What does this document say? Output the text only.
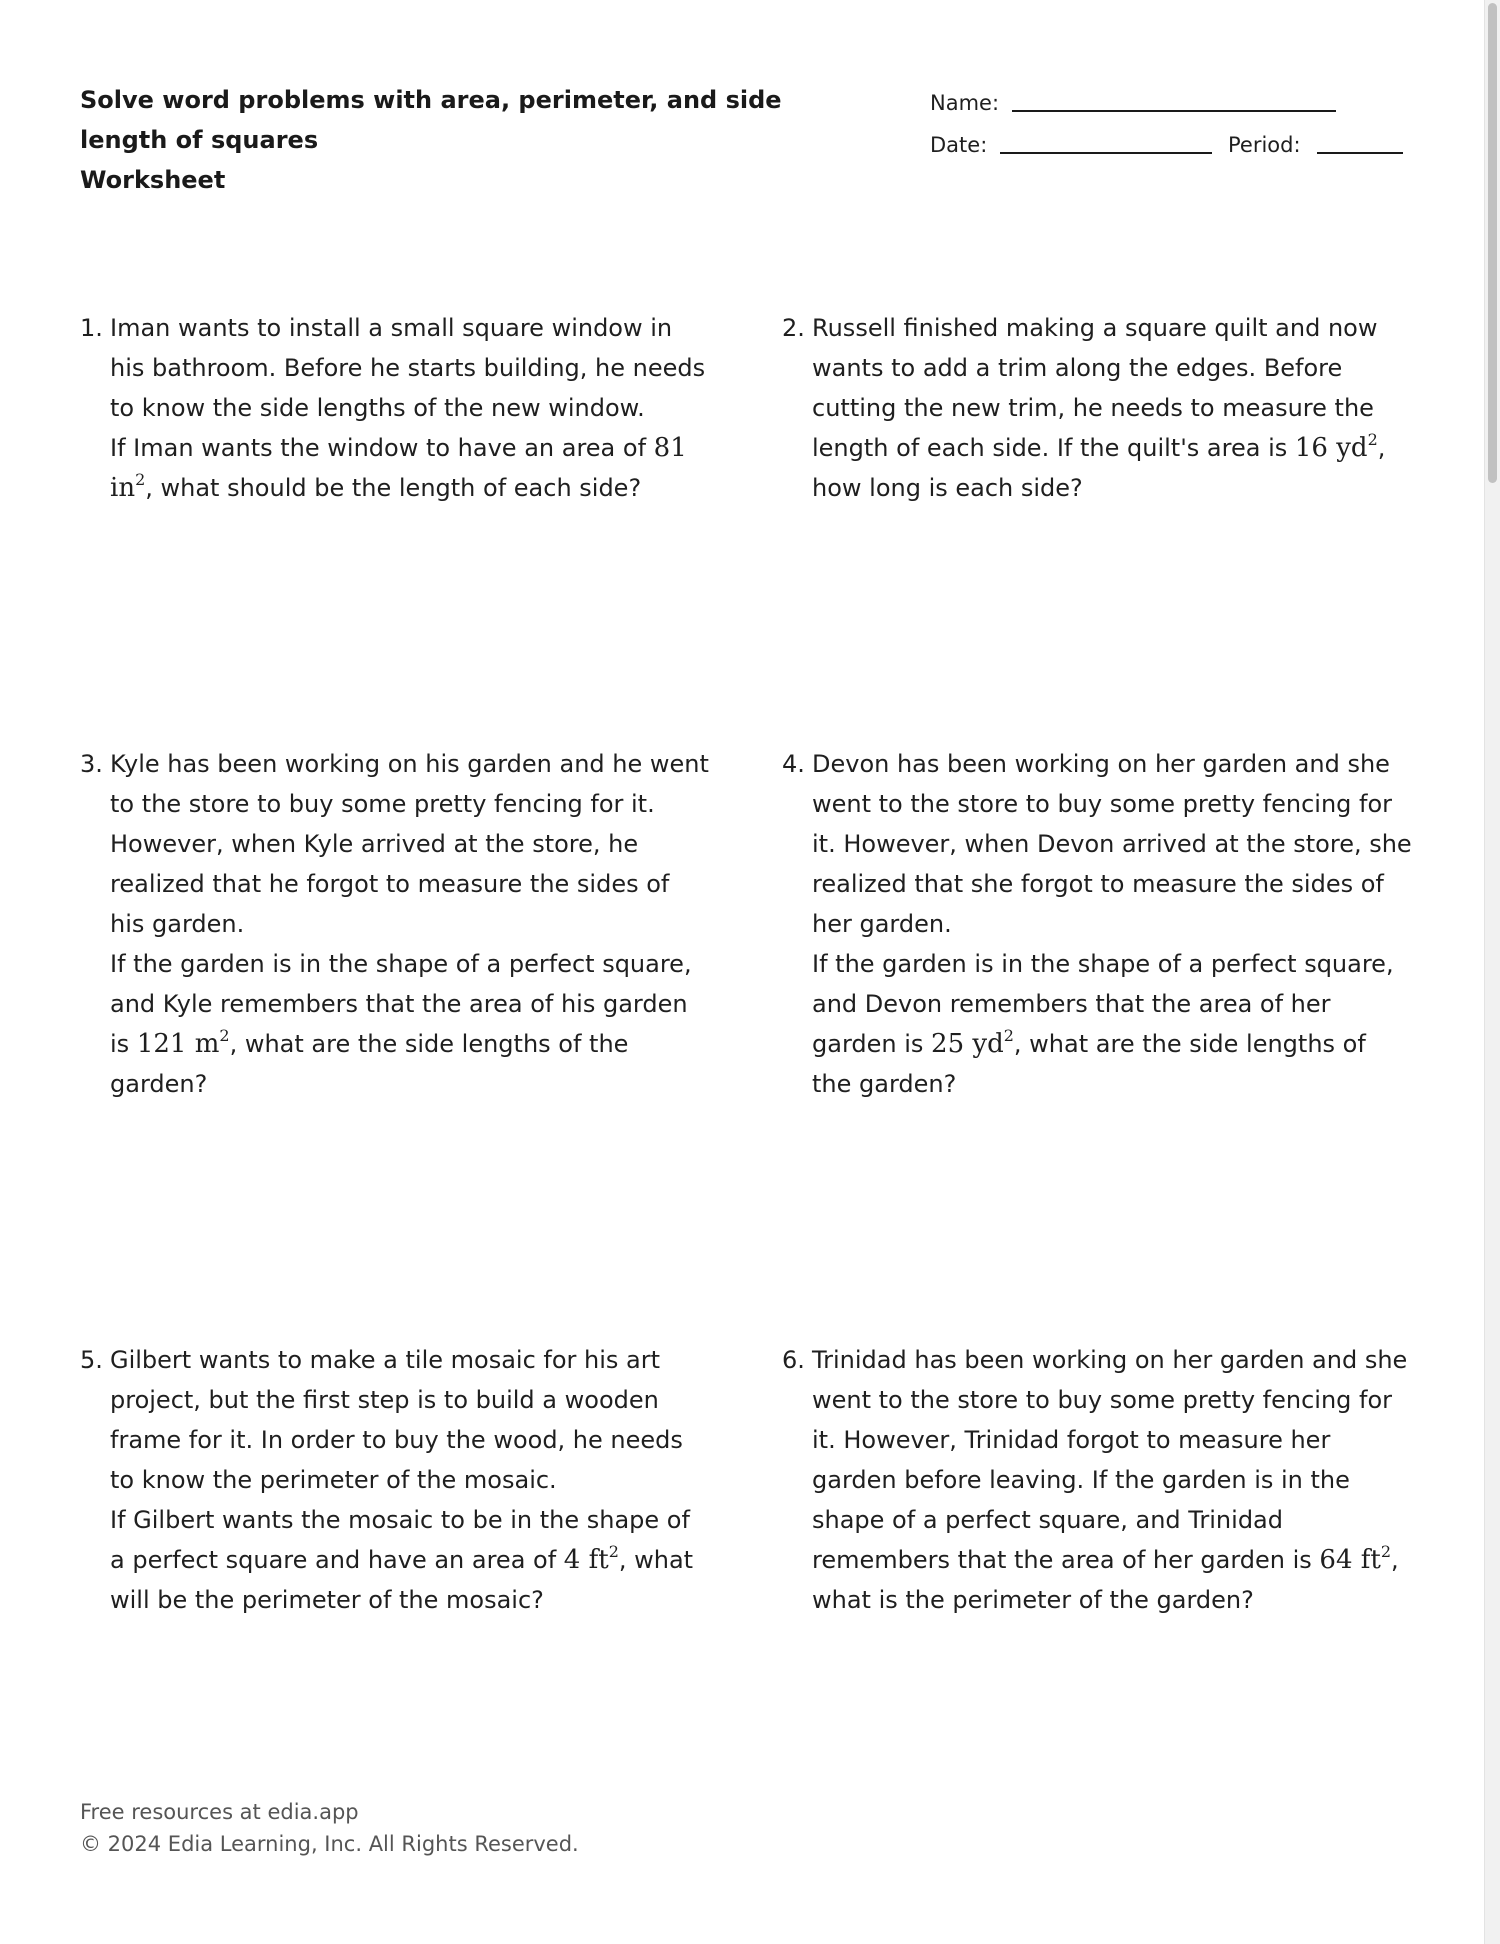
Solve word problems with area, perimeter, and side length of squares
Worksheet
Name:
Date:	Period:
1. Iman wants to install a small square window in his bathroom. Before he starts building, he needs to know the side lengths of the new window.

If Iman wants the window to have an area of 81 $in^2$, what should be the length of each side?

2. Russell finished making a square quilt and now wants to add a trim along the edges. Before cutting the new trim, he needs to measure the length of each side. If the quilt's area is 16 $yd^2$, how long is each side?

3. Kyle has been working on his garden and he went to the store to buy some pretty fencing for it. However, when Kyle arrived at the store, he realized that he forgot to measure the sides of his garden.

If the garden is in the shape of a perfect square, and Kyle remembers that the area of his garden is 121 $m^2$, what are the side lengths of the garden?

4. Devon has been working on her garden and she went to the store to buy some pretty fencing for it. However, when Devon arrived at the store, she realized that she forgot to measure the sides of her garden.

If the garden is in the shape of a perfect square, and Devon remembers that the area of her garden is 25 $yd^2$, what are the side lengths of the garden?

5. Gilbert wants to make a tile mosaic for his art project, but the first step is to build a wooden frame for it. In order to buy the wood, he needs to know the perimeter of the mosaic.

If Gilbert wants the mosaic to be in the shape of a perfect square and have an area of 4 $ft^2$, what will be the perimeter of the mosaic?

6. Trinidad has been working on her garden and she went to the store to buy some pretty fencing for it. However, Trinidad forgot to measure her garden before leaving. If the garden is in the shape of a perfect square, and Trinidad remembers that the area of her garden is 64 $ft^2$, what is the perimeter of the garden?

Free resources at edia.app
© 2024 Edia Learning, Inc. All Rights Reserved.
